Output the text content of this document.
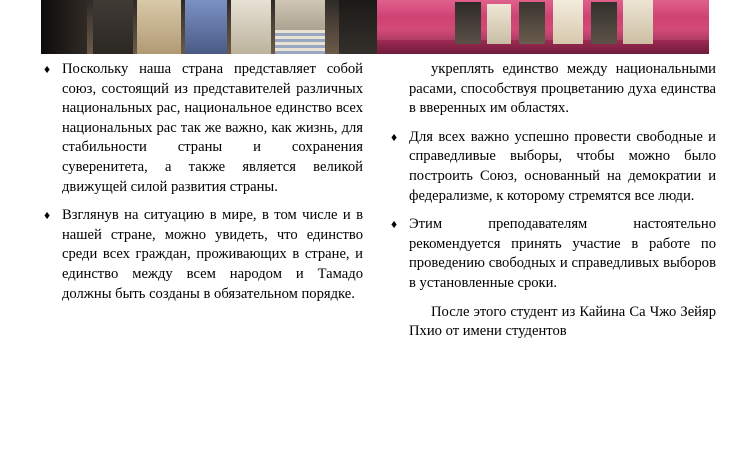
♦ Поскольку наша страна представляет собой союз, состоящий из представителей различных национальных рас, национальное единство всех национальных рас так же важно, как жизнь, для стабильности страны и сохранения суверенитета, а также является великой движущей силой развития страны.
♦ Взглянув на ситуацию в мире, в том числе и в нашей стране, можно увидеть, что единство среди всех граждан, проживающих в стране, и единство между всем народом и Тамадо должны быть созданы в обязательном порядке.
укреплять единство между национальными расами, способствуя процветанию духа единства в вверенных им областях.
♦ Для всех важно успешно провести свободные и справедливые выборы, чтобы можно было построить Союз, основанный на демократии и федерализме, к которому стремятся все люди.
♦ Этим преподавателям настоятельно рекомендуется принять участие в работе по проведению свободных и справедливых выборов в установленные сроки.
После этого студент из Кайина Са Чжо Зейяр Пхио от имени студентов
